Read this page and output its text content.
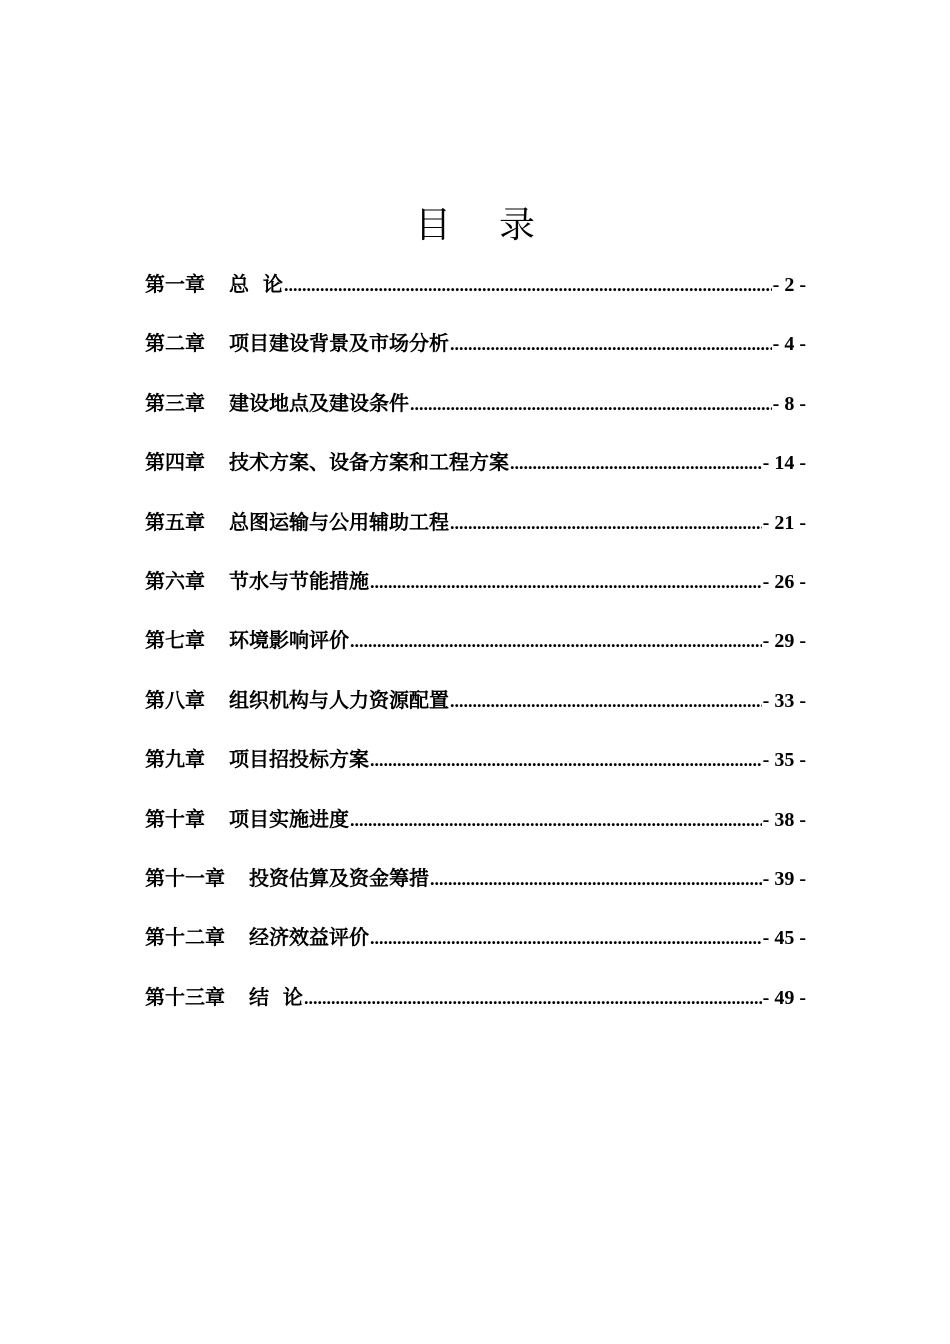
目 录
第一章 总  论 .....	- 2 -
第二章 项目建设背景及市场分析 .....	- 4 -
第三章 建设地点及建设条件 .....	- 8 -
第四章 技术方案、设备方案和工程方案 .....	- 14 -
第五章 总图运输与公用辅助工程 .....	- 21 -
第六章 节水与节能措施 .....	- 26 -
第七章 环境影响评价 .....	- 29 -
第八章 组织机构与人力资源配置 .....	- 33 -
第九章 项目招投标方案 .....	- 35 -
第十章 项目实施进度 .....	- 38 -
第十一章 投资估算及资金筹措 .....	- 39 -
第十二章 经济效益评价 .....	- 45 -
第十三章 结  论 .....	- 49 -
